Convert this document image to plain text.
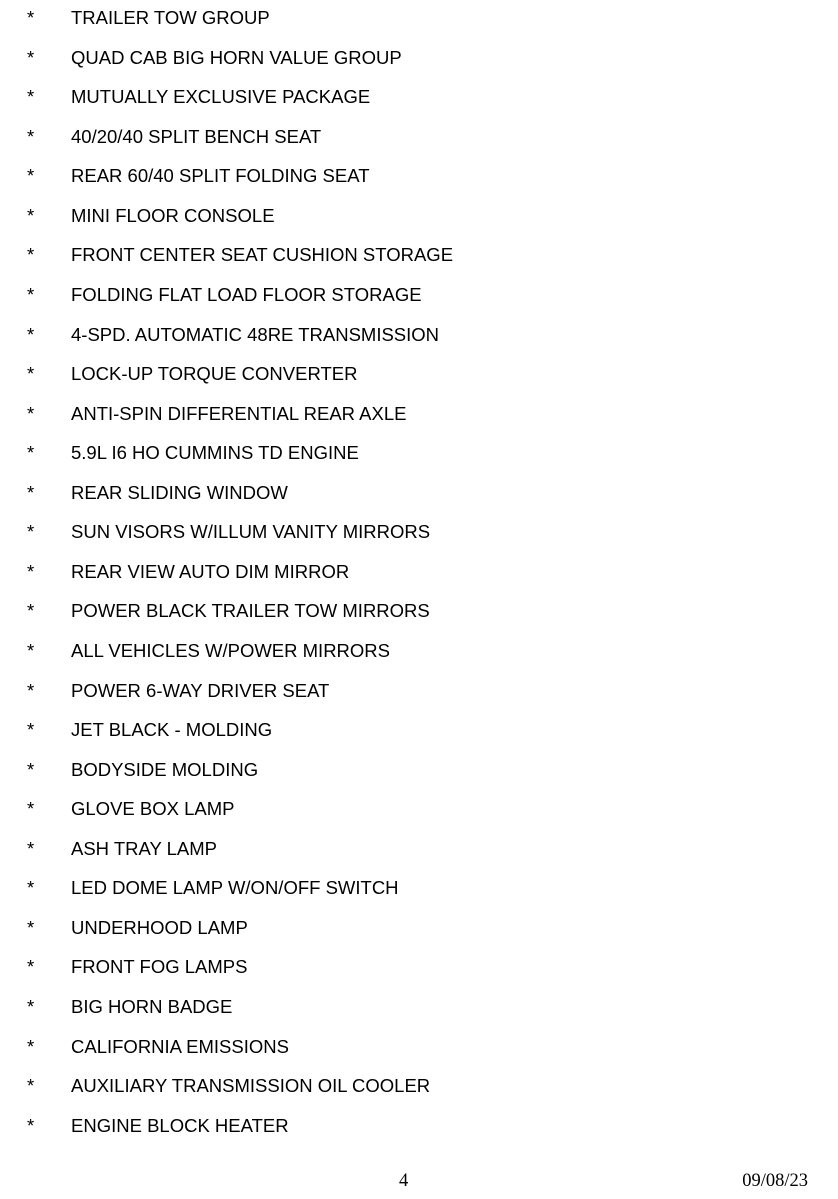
* TRAILER TOW GROUP
* QUAD CAB BIG HORN VALUE GROUP
* MUTUALLY EXCLUSIVE PACKAGE
* 40/20/40 SPLIT BENCH SEAT
* REAR 60/40 SPLIT FOLDING SEAT
* MINI FLOOR CONSOLE
* FRONT CENTER SEAT CUSHION STORAGE
* FOLDING FLAT LOAD FLOOR STORAGE
* 4-SPD. AUTOMATIC 48RE TRANSMISSION
* LOCK-UP TORQUE CONVERTER
* ANTI-SPIN DIFFERENTIAL REAR AXLE
* 5.9L I6 HO CUMMINS TD ENGINE
* REAR SLIDING WINDOW
* SUN VISORS W/ILLUM VANITY MIRRORS
* REAR VIEW AUTO DIM MIRROR
* POWER BLACK TRAILER TOW MIRRORS
* ALL VEHICLES W/POWER MIRRORS
* POWER 6-WAY DRIVER SEAT
* JET BLACK - MOLDING
* BODYSIDE MOLDING
* GLOVE BOX LAMP
* ASH TRAY LAMP
* LED DOME LAMP W/ON/OFF SWITCH
* UNDERHOOD LAMP
* FRONT FOG LAMPS
* BIG HORN BADGE
* CALIFORNIA EMISSIONS
* AUXILIARY TRANSMISSION OIL COOLER
* ENGINE BLOCK HEATER
4	09/08/23
